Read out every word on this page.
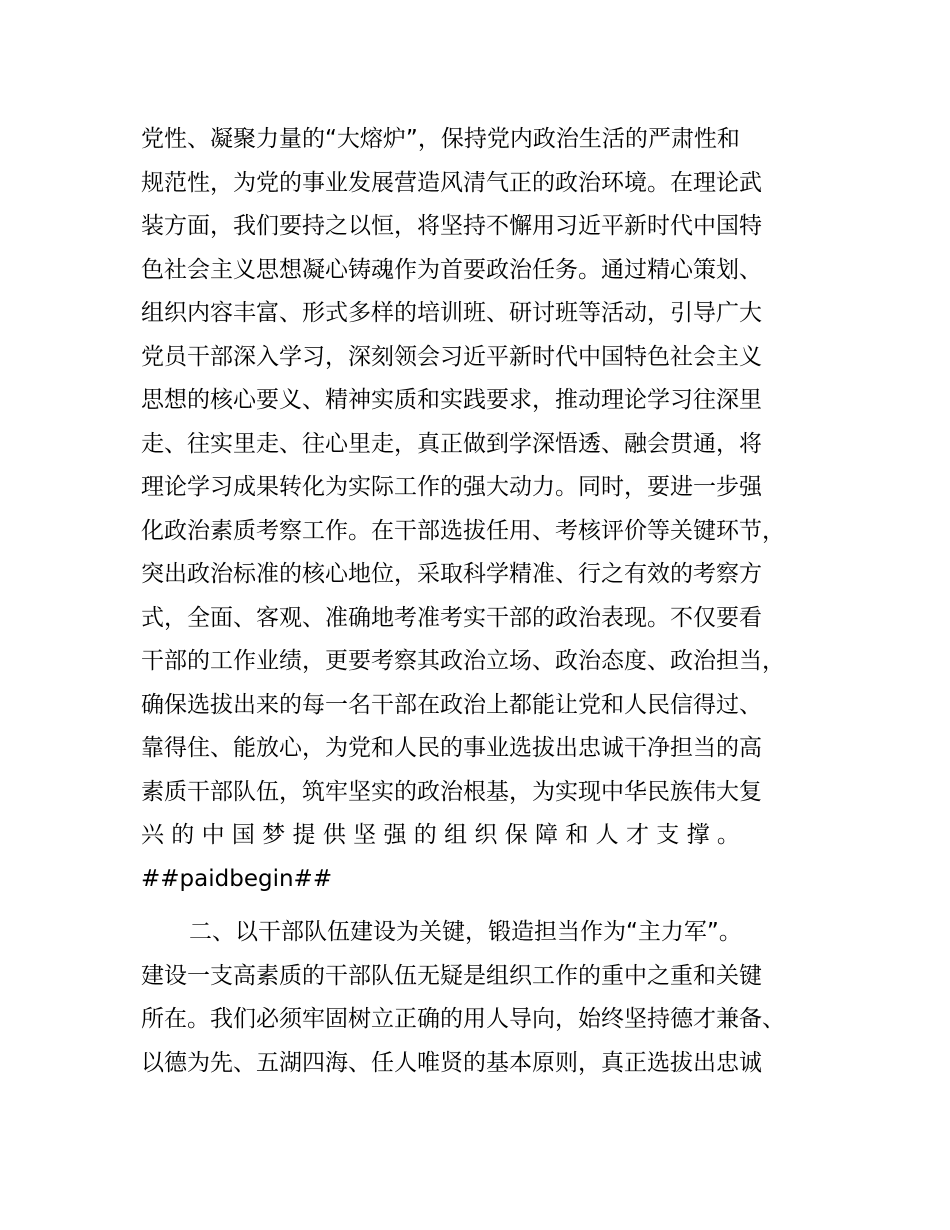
党性、凝聚力量的“大熔炉”，保持党内政治生活的严肃性和
规范性，为党的事业发展营造风清气正的政治环境。在理论武
装方面，我们要持之以恒，将坚持不懈用习近平新时代中国特
色社会主义思想凝心铸魂作为首要政治任务。通过精心策划、
组织内容丰富、形式多样的培训班、研讨班等活动，引导广大
党员干部深入学习，深刻领会习近平新时代中国特色社会主义
思想的核心要义、精神实质和实践要求，推动理论学习往深里
走、往实里走、往心里走，真正做到学深悟透、融会贯通，将
理论学习成果转化为实际工作的强大动力。同时，要进一步强
化政治素质考察工作。在干部选拔任用、考核评价等关键环节，
突出政治标准的核心地位，采取科学精准、行之有效的考察方
式，全面、客观、准确地考准考实干部的政治表现。不仅要看
干部的工作业绩，更要考察其政治立场、政治态度、政治担当，
确保选拔出来的每一名干部在政治上都能让党和人民信得过、
靠得住、能放心，为党和人民的事业选拔出忠诚干净担当的高
素质干部队伍，筑牢坚实的政治根基，为实现中华民族伟大复
兴 的 中 国 梦 提 供 坚 强 的 组 织 保 障 和 人 才 支 撑 。
##paidbegin##
二、以干部队伍建设为关键，锻造担当作为“主力军”。
建设一支高素质的干部队伍无疑是组织工作的重中之重和关键
所在。我们必须牢固树立正确的用人导向，始终坚持德才兼备、
以德为先、五湖四海、任人唯贤的基本原则，真正选拔出忠诚
